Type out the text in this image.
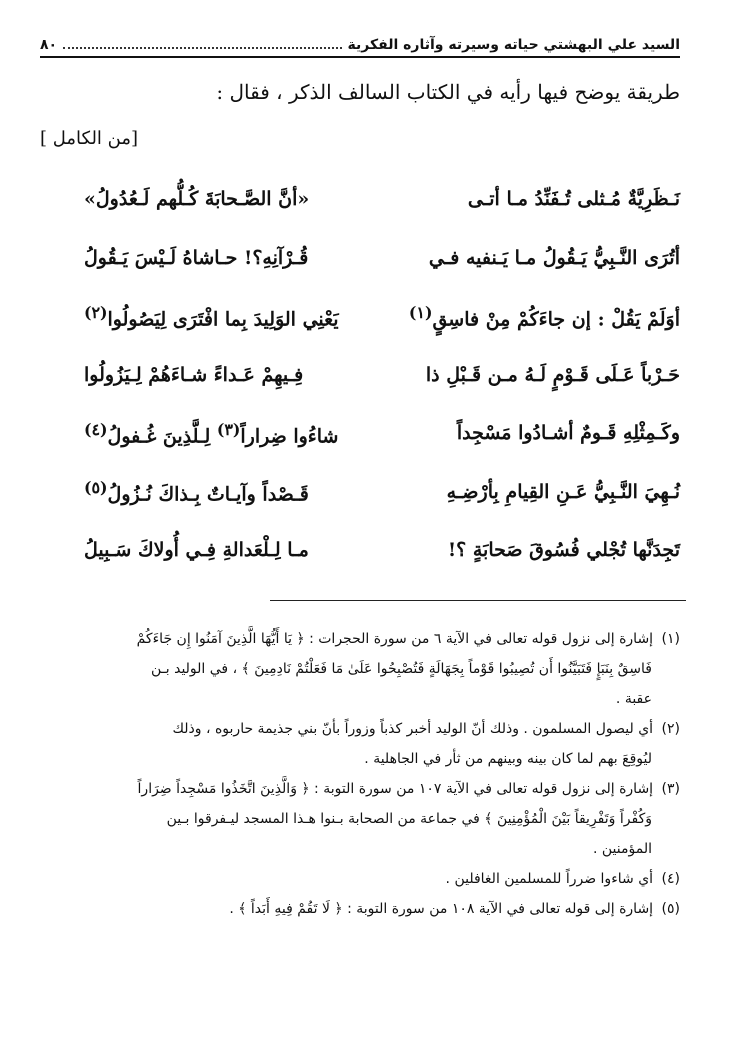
السيد علي البهشتي حياته وسيرته وآثاره الفكرية
٨٠
طريقة يوضح فيها رأيه في الكتاب السالف الذكر ، فقال :
[من الكامل ]
نَـظَرِيَّةٌ مُـثلى تُـفَنِّدُ مـا أتـى
«أنَّ الصَّـحابَةَ كُـلُّهم لَـعُدُولُ»
أتُرَى النَّـبِيُّ يَـقُولُ مـا يَـنفيه فـي
قُـرْآنِهِ؟! حـاشاهُ لَـيْسَ يَـقُولُ
أوَلَمْ يَقُلْ : إن جاءَكُمْ مِنْ فاسِقٍ$^{(١)}$
يَعْنِي الوَلِيدَ بِما افْتَرَى لِيَصُولُوا$^{(٢)}$
حَـرْباً عَـلَى قَـوْمٍ لَـهُ مـن قَـبْلِ ذا
فِـيهِمْ عَـداءً شـاءَهُمْ لِـيَزُولُوا
وكَـمِثْلِهِ قَـومٌ أشـادُوا مَسْجِداً
شاءُوا ضِراراً$^{(٣)}$ لِـلَّذِينَ غُـفولُ$^{(٤)}$
نُـهِيَ النَّـبِيُّ عَـنِ القِيامِ بِأرْضِـهِ
قَـصْداً وآيـاتٌ بِـذاكَ نُـزُولُ$^{(٥)}$
تَجِدَنَّها تُجْلي فُسُوقَ صَحابَةٍ ؟!
مـا لِـلْعَدالةِ فِـي أُولاكَ سَـبِيلُ
(١) إشارة إلى نزول قوله تعالى في الآية ٦ من سورة الحجرات : ﴿ يَا أَيُّهَا الَّذِينَ آمَنُوا إِن جَاءَكُمْ
فَاسِقٌ بِنَبَإٍ فَتَبَيَّنُوا أَن تُصِيبُوا قَوْماً بِجَهَالَةٍ فَتُصْبِحُوا عَلَىٰ مَا فَعَلْتُمْ نَادِمِينَ ﴾ ، في الوليد بـن
عقبة .
(٢) أي ليصول المسلمون . وذلك أنّ الوليد أخبر كذباً وزوراً بأنّ بني جذيمة حاربوه ، وذلك
ليُوقِعَ بهم لما كان بينه وبينهم من ثأر في الجاهلية .
(٣) إشارة إلى نزول قوله تعالى في الآية ١٠٧ من سورة التوبة : ﴿ وَالَّذِينَ اتَّخَذُوا مَسْجِداً ضِرَاراً
وَكُفْراً وَتَفْرِيقاً بَيْنَ الْمُؤْمِنِينَ ﴾ في جماعة من الصحابة بـنوا هـذا المسجد ليـفرقوا بـين
المؤمنين .
(٤) أي شاءوا ضرراً للمسلمين الغافلين .
(٥) إشارة إلى قوله تعالى في الآية ١٠٨ من سورة التوبة : ﴿ لَا تَقُمْ فِيهِ أَبَداً ﴾ .
